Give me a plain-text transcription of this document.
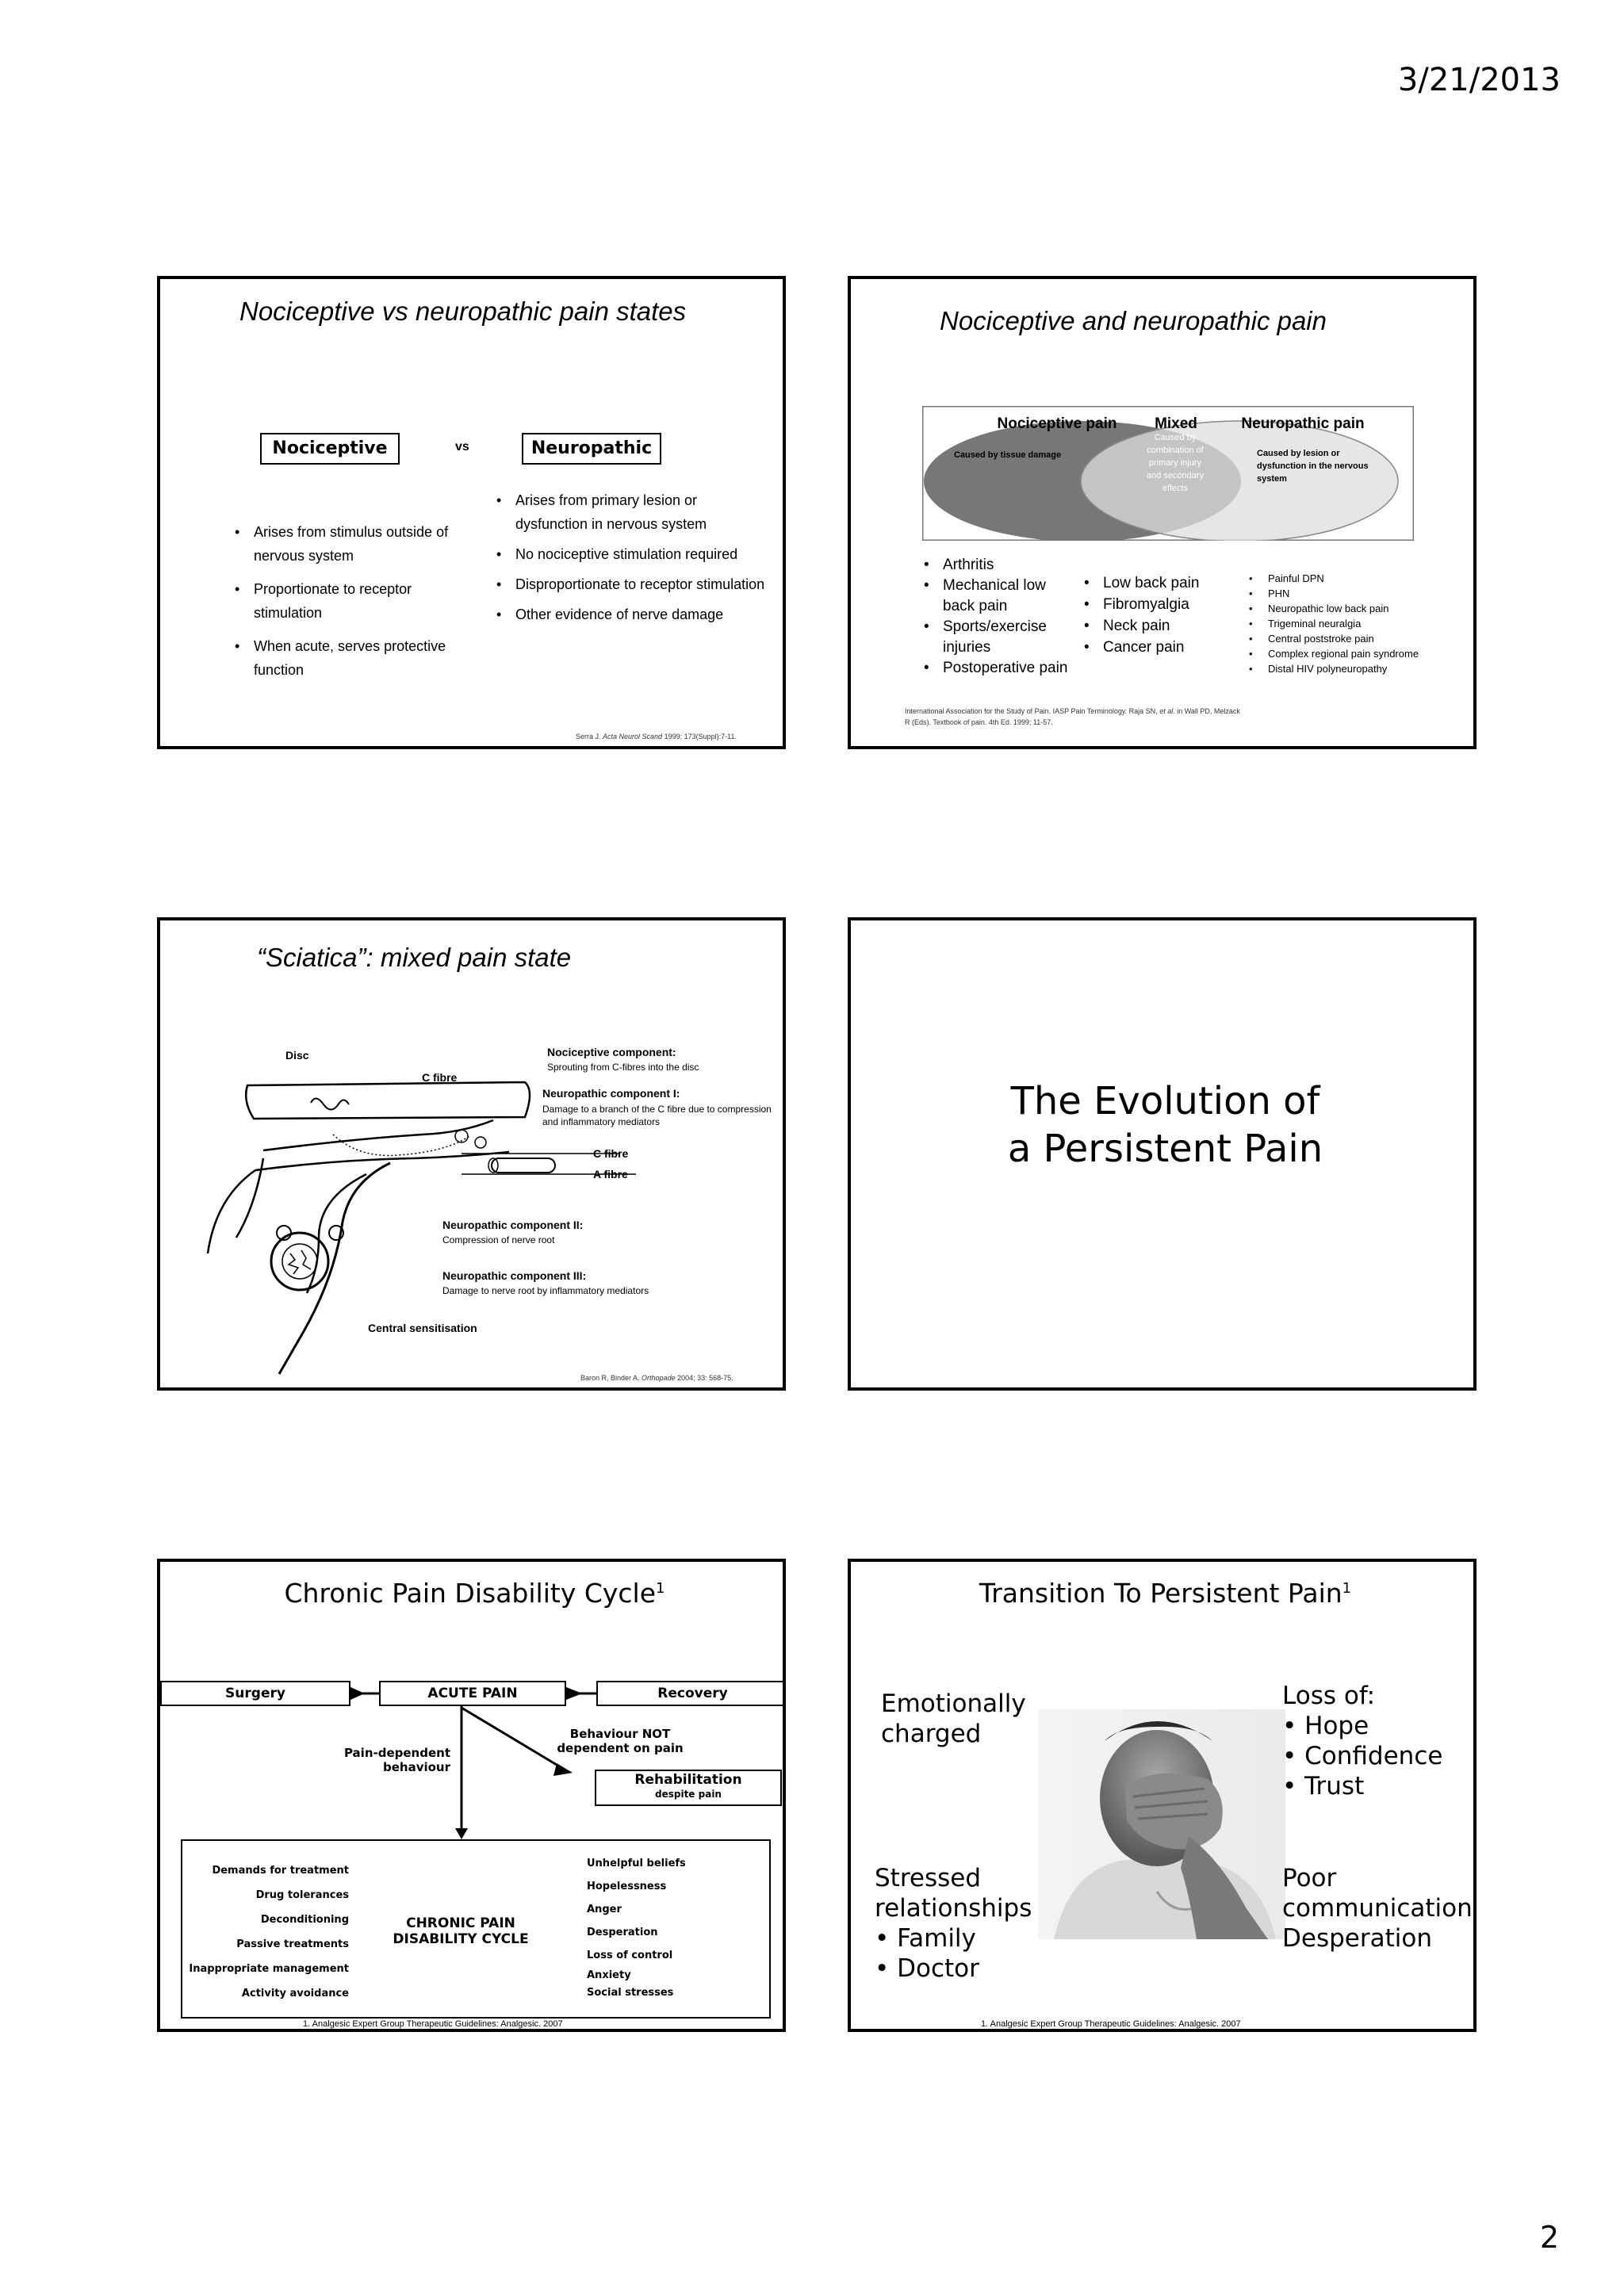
3/21/2013
2
Nociceptive vs neuropathic pain states
Nociceptive	vs	Neuropathic
• Arises from stimulus outside of nervous system
• Proportionate to receptor stimulation
• When acute, serves protective function
• Arises from primary lesion or dysfunction in nervous system
• No nociceptive stimulation required
• Disproportionate to receptor stimulation
• Other evidence of nerve damage
Serra J. Acta Neurol Scand 1999; 173(Suppl):7-11.
Nociceptive and neuropathic pain
Nociceptive pain
Caused by tissue damage
Mixed
Caused by combination of primary injury and secondary effects
Neuropathic pain
Caused by lesion or dysfunction in the nervous system
• Arthritis
• Mechanical low back pain
• Sports/exercise injuries
• Postoperative pain
• Low back pain
• Fibromyalgia
• Neck pain
• Cancer pain
• Painful DPN
• PHN
• Neuropathic low back pain
• Trigeminal neuralgia
• Central poststroke pain
• Complex regional pain syndrome
• Distal HIV polyneuropathy
International Association for the Study of Pain. IASP Pain Terminology. Raja SN, et al. in Wall PD, Melzack R (Eds). Textbook of pain. 4th Ed. 1999; 11-57.
“Sciatica”: mixed pain state
Disc
C fibre
Nociceptive component:
Sprouting from C-fibres into the disc
Neuropathic component I:
Damage to a branch of the C fibre due to compression and inflammatory mediators
C fibre
A fibre
Neuropathic component II:
Compression of nerve root
Neuropathic component III:
Damage to nerve root by inflammatory mediators
Central sensitisation
Baron R, Binder A. Orthopade 2004; 33: 568-75.
The Evolution of
a Persistent Pain
Chronic Pain Disability Cycle$^1$
Surgery	ACUTE PAIN	Recovery
Pain-dependent behaviour
Behaviour NOT dependent on pain
Rehabilitation
despite pain
Demands for treatment
Drug tolerances
Deconditioning
Passive treatments
Inappropriate management
Activity avoidance
CHRONIC PAIN DISABILITY CYCLE
Unhelpful beliefs
Hopelessness
Anger
Desperation
Loss of control
Anxiety
Social stresses
1. Analgesic Expert Group Therapeutic Guidelines: Analgesic. 2007
Transition To Persistent Pain$^1$
Emotionally
charged
Loss of:
• Hope
• Confidence
• Trust
Stressed
relationships
• Family
• Doctor
Poor
communication
Desperation
1. Analgesic Expert Group Therapeutic Guidelines: Analgesic. 2007
